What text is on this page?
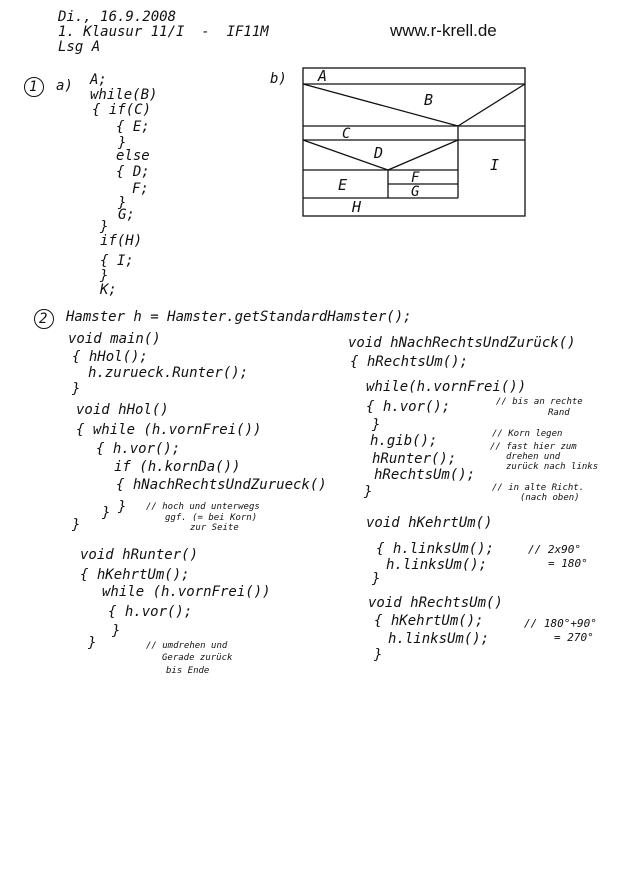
Di., 16.9.2008
1. Klausur 11/I  -  IF11M
Lsg A
www.r-krell.de
1 a)	b)
A;
while(B)
{ if(C)
{ E;
}
else
{ D;
F;
}
G;
}
if(H)
{ I;
}
K;
A
B
C
D
E	F
G
H
I
2 Hamster h = Hamster.getStandardHamster();
void main()
{ hHol();
h.zurueck.Runter();
}
void hHol()
{ while (h.vornFrei())
{ h.vor();
if (h.kornDa())
{ hNachRechtsUndZurueck()
}
}
}
void hRunter()
{ hKehrtUm();
while (h.vornFrei())
{ h.vor();
}
}
// hoch und unterwegs
ggf. (= bei Korn)
zur Seite
// umdrehen und
Gerade zurück
bis Ende
void hNachRechtsUndZurück()
{ hRechtsUm();
while(h.vornFrei())
{ h.vor();
}
h.gib();
hRunter();
hRechtsUm();
}
void hKehrtUm()
{ h.linksUm();
h.linksUm();
}
void hRechtsUm()
{ hKehrtUm();
h.linksUm();
}
// bis an rechte
Rand
// Korn legen
// fast hier zum
drehen und
zurück nach links
// in alte Richt.
(nach oben)
// 2x90°
= 180°
// 180°+90°
= 270°
